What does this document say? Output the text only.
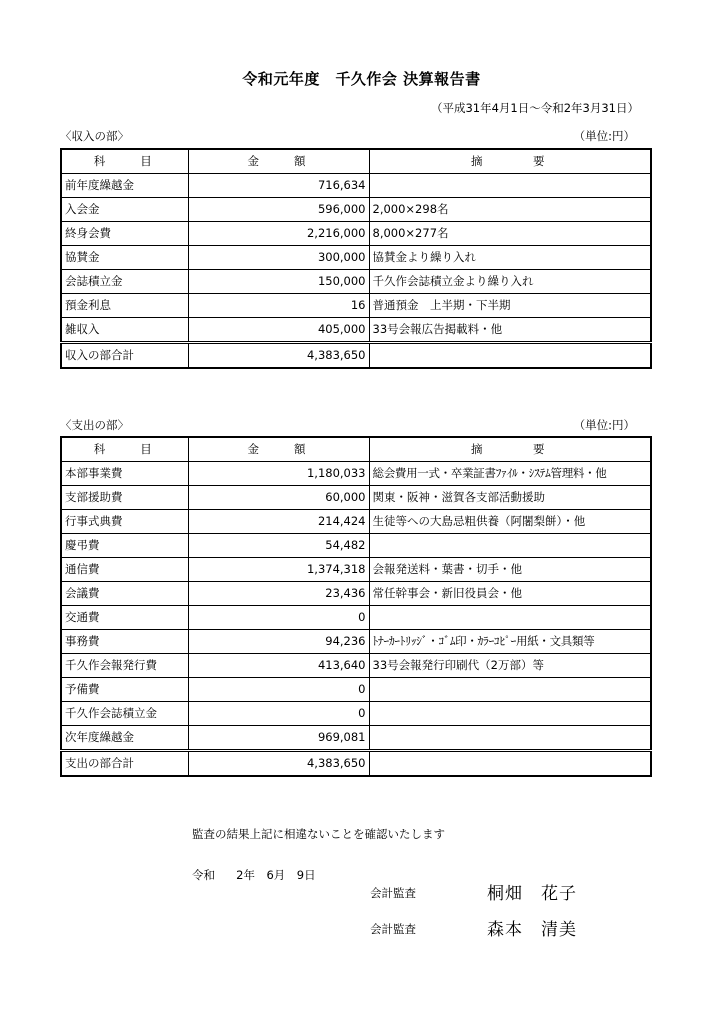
令和元年度　千久作会 決算報告書
（平成31年4月1日～令和2年3月31日）
〈収入の部〉	（単位:円）
科　　目	金　　額	摘　　　要
前年度繰越金	716,634	
入会金	596,000	2,000×298名
終身会費	2,216,000	8,000×277名
協賛金	300,000	協賛金より繰り入れ
会誌積立金	150,000	千久作会誌積立金より繰り入れ
預金利息	16	普通預金　上半期・下半期
雑収入	405,000	33号会報広告掲載料・他
収入の部合計	4,383,650	
〈支出の部〉	（単位:円）
科　　目	金　　額	摘　　　要
本部事業費	1,180,033	総会費用一式・卒業証書ﾌｧｲﾙ・ｼｽﾃﾑ管理料・他
支部援助費	60,000	関東・阪神・滋賀各支部活動援助
行事式典費	214,424	生徒等への大島忌粗供養（阿闍梨餅）・他
慶弔費	54,482	
通信費	1,374,318	会報発送料・葉書・切手・他
会議費	23,436	常任幹事会・新旧役員会・他
交通費	0	
事務費	94,236	ﾄﾅｰｶｰﾄﾘｯｼﾞ・ｺﾞﾑ印・ｶﾗｰｺﾋﾟｰ用紙・文具類等
千久作会報発行費	413,640	33号会報発行印刷代（2万部）等
予備費	0	
千久作会誌積立金	0	
次年度繰越金	969,081	
支出の部合計	4,383,650	
監査の結果上記に相違ないことを確認いたします
令和　 2年　6月　9日
会計監査	桐畑　花子
会計監査	森本　清美
